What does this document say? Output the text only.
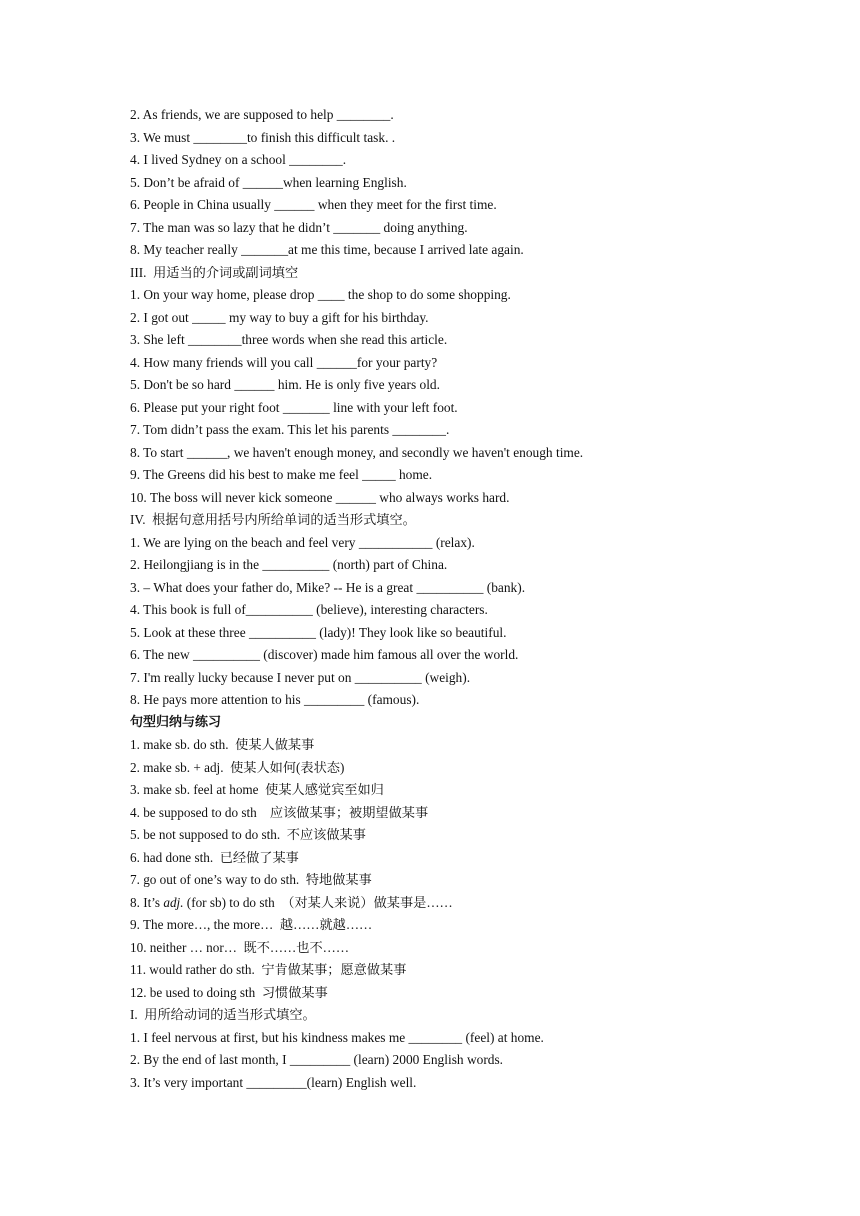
2. As friends, we are supposed to help ________.
3. We must ________to finish this difficult task. .
4. I lived Sydney on a school ________.
5. Don’t be afraid of ______when learning English.
6. People in China usually ______ when they meet for the first time.
7. The man was so lazy that he didn’t _______ doing anything.
8. My teacher really _______at me this time, because I arrived late again.
III.  用适当的介词或副词填空
1. On your way home, please drop ____ the shop to do some shopping.
2. I got out _____ my way to buy a gift for his birthday.
3. She left ________three words when she read this article.
4. How many friends will you call ______for your party?
5. Don't be so hard ______ him. He is only five years old.
6. Please put your right foot _______ line with your left foot.
7. Tom didn’t pass the exam. This let his parents ________.
8. To start ______, we haven't enough money, and secondly we haven't enough time.
9. The Greens did his best to make me feel _____ home.
10. The boss will never kick someone ______ who always works hard.
IV.  根据句意用括号内所给单词的适当形式填空。
1. We are lying on the beach and feel very ___________ (relax).
2. Heilongjiang is in the __________ (north) part of China.
3. – What does your father do, Mike? -- He is a great __________ (bank).
4. This book is full of__________ (believe), interesting characters.
5. Look at these three __________ (lady)! They look like so beautiful.
6. The new __________ (discover) made him famous all over the world.
7. I'm really lucky because I never put on __________ (weigh).
8. He pays more attention to his _________ (famous).
句型归纳与练习
1. make sb. do sth.  使某人做某事
2. make sb. + adj.  使某人如何(表状态)
3. make sb. feel at home  使某人感觉宾至如归
4. be supposed to do sth    应该做某事；被期望做某事
5. be not supposed to do sth.  不应该做某事
6. had done sth.  已经做了某事
7. go out of one’s way to do sth.  特地做某事
8. It’s adj. (for sb) to do sth  （对某人来说）做某事是……
9. The more…, the more…  越……就越……
10. neither … nor…  既不……也不……
11. would rather do sth.  宁肯做某事；愿意做某事
12. be used to doing sth  习惯做某事
I.  用所给动词的适当形式填空。
1. I feel nervous at first, but his kindness makes me ________ (feel) at home.
2. By the end of last month, I _________ (learn) 2000 English words.
3. It’s very important _________(learn) English well.
